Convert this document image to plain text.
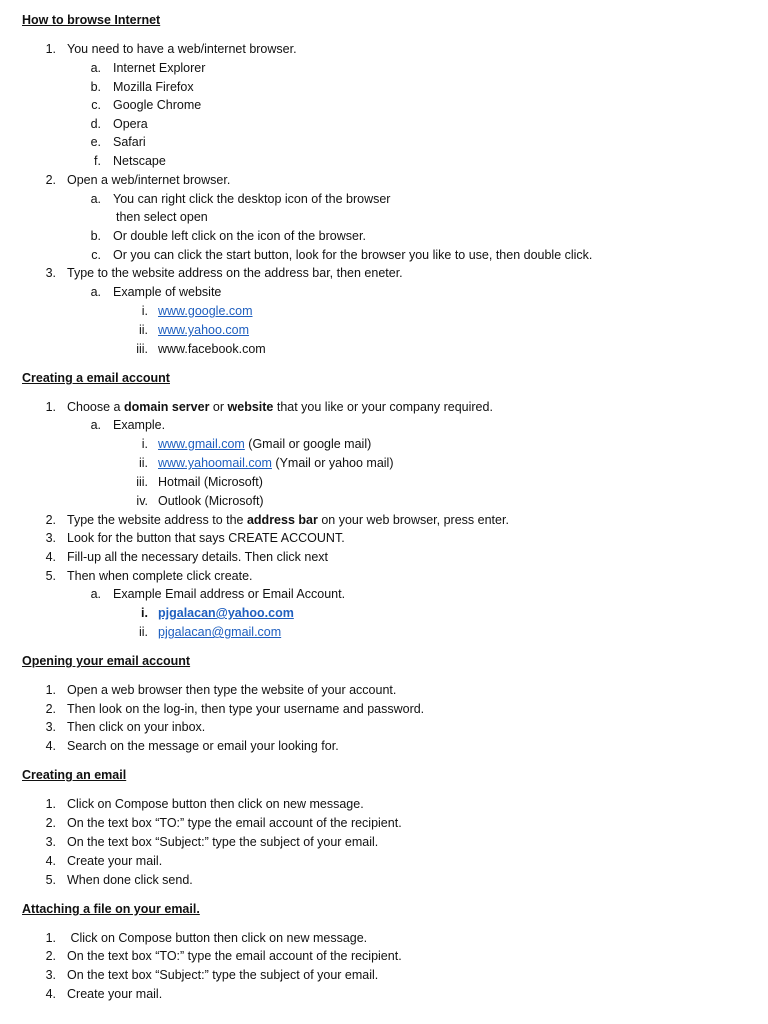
How to browse Internet
1. You need to have a web/internet browser.
a. Internet Explorer
b. Mozilla Firefox
c. Google Chrome
d. Opera
e. Safari
f. Netscape
2. Open a web/internet browser.
a. You can right click the desktop icon of the browser
then select open
b. Or double left click on the icon of the browser.
c. Or you can click the start button, look for the browser you like to use, then double click.
3. Type to the website address on the address bar, then eneter.
a. Example of website
i. www.google.com
ii. www.yahoo.com
iii. www.facebook.com
Creating a email account
1. Choose a domain server or website that you like or your company required.
a. Example.
i. www.gmail.com (Gmail or google mail)
ii. www.yahoomail.com (Ymail or yahoo mail)
iii. Hotmail (Microsoft)
iv. Outlook (Microsoft)
2. Type the website address to the address bar on your web browser, press enter.
3. Look for the button that says CREATE ACCOUNT.
4. Fill-up all the necessary details. Then click next
5. Then when complete click create.
a. Example Email address or Email Account.
i. pjgalacan@yahoo.com
ii. pjgalacan@gmail.com
Opening your email account
1. Open a web browser then type the website of your account.
2. Then look on the log-in, then type your username and password.
3. Then click on your inbox.
4. Search on the message or email your looking for.
Creating an email
1. Click on Compose button then click on new message.
2. On the text box “TO:” type the email account of the recipient.
3. On the text box “Subject:” type the subject of your email.
4. Create your mail.
5. When done click send.
Attaching a file on your email.
1. Click on Compose button then click on new message.
2. On the text box “TO:” type the email account of the recipient.
3. On the text box “Subject:” type the subject of your email.
4. Create your mail.
